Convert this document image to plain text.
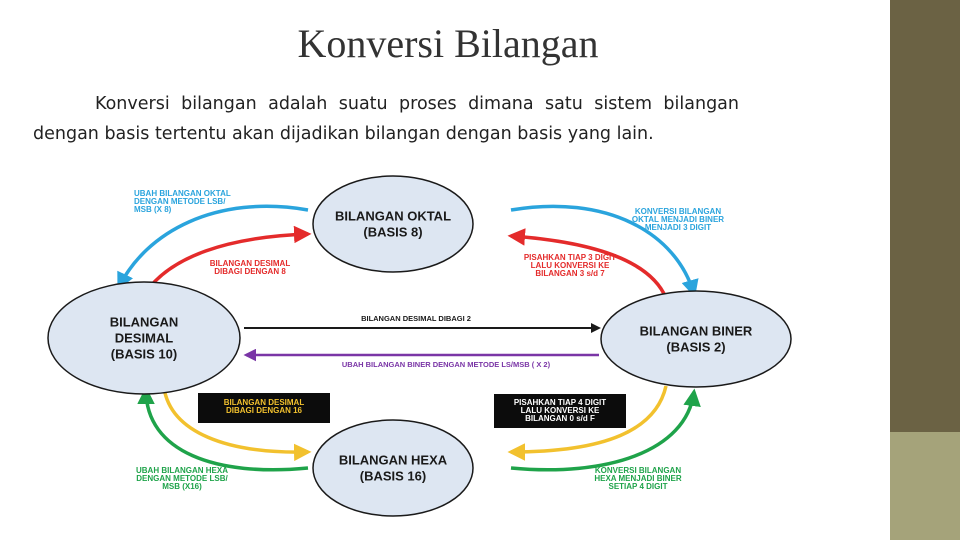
Konversi Bilangan
Konversi bilangan adalah suatu proses dimana satu sistem bilangan dengan basis tertentu akan dijadikan bilangan dengan basis yang lain.
BILANGAN OKTAL
(BASIS 8)
BILANGAN
DESIMAL
(BASIS 10)
BILANGAN BINER
(BASIS 2)
BILANGAN HEXA
(BASIS 16)
UBAH BILANGAN OKTAL
DENGAN METODE LSB/
MSB (X 8)	KONVERSI BILANGAN
OKTAL MENJADI BINER
MENJADI 3 DIGIT
BILANGAN DESIMAL
DIBAGI DENGAN 8
PISAHKAN TIAP 3 DIGIT
LALU KONVERSI KE
BILANGAN 3 s/d 7
BILANGAN DESIMAL DIBAGI 2
UBAH BILANGAN BINER DENGAN METODE LS/MSB ( X 2)
BILANGAN DESIMAL
DIBAGI DENGAN 16
PISAHKAN TIAP 4 DIGIT
LALU KONVERSI KE
BILANGAN 0 s/d F
UBAH BILANGAN HEXA
DENGAN METODE LSB/
MSB (X16)
KONVERSI BILANGAN
HEXA MENJADI BINER
SETIAP 4 DIGIT
